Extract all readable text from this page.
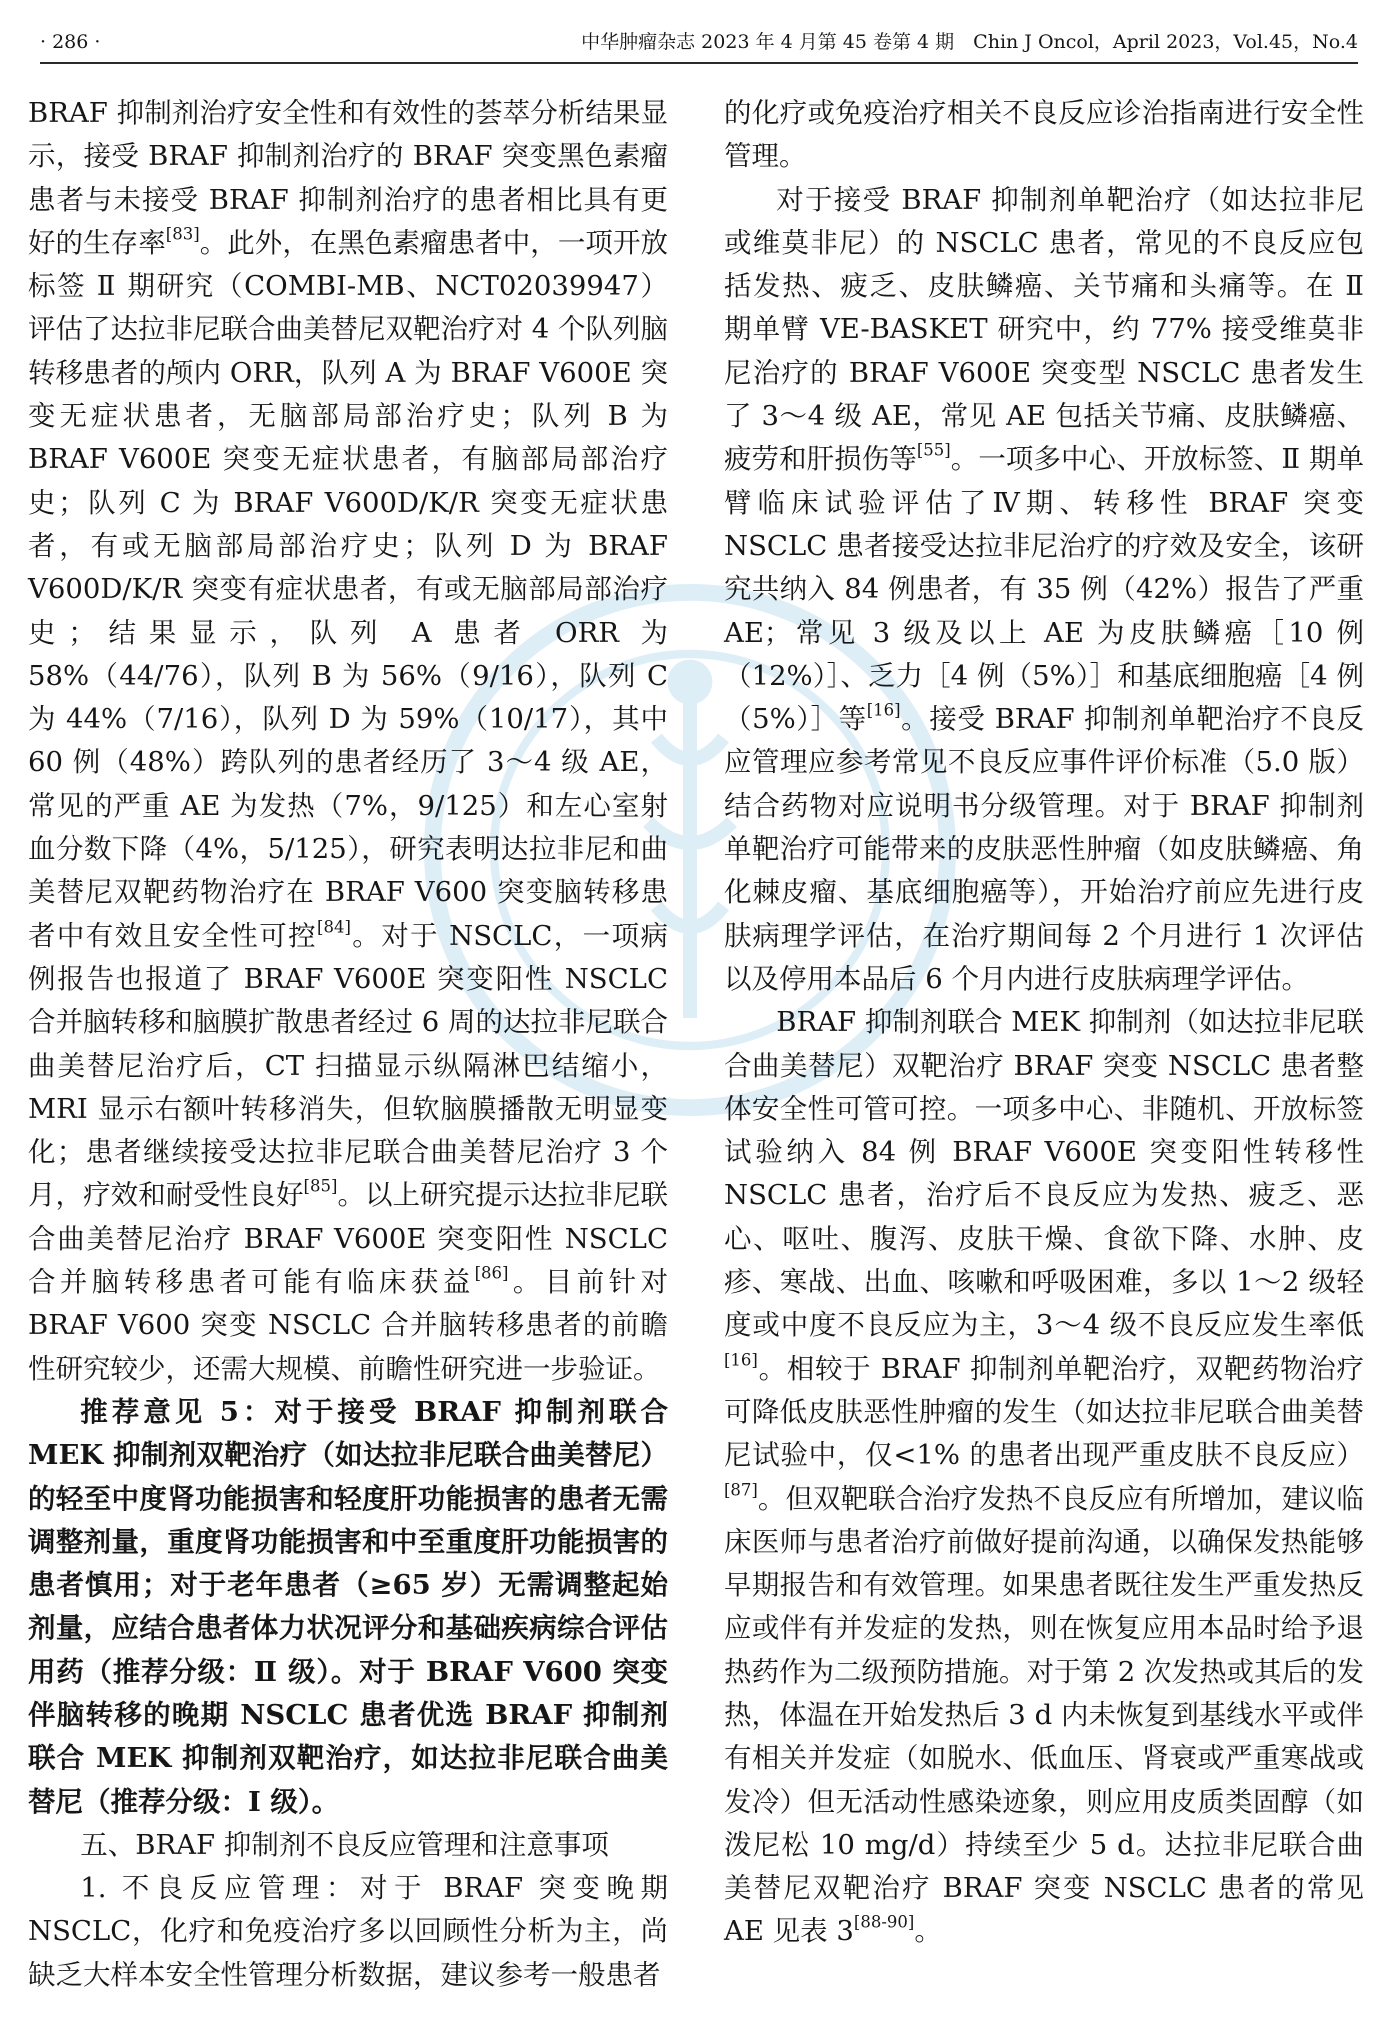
· 286 ·	中华肿瘤杂志 2023 年 4 月第 45 卷第 4 期　Chin J Oncol，April 2023，Vol.45，No.4

BRAF 抑制剂治疗安全性和有效性的荟萃分析结果显示，接受 BRAF 抑制剂治疗的 BRAF 突变黑色素瘤患者与未接受 BRAF 抑制剂治疗的患者相比具有更好的生存率[83]。此外，在黑色素瘤患者中，一项开放标签 Ⅱ 期研究（COMBI-MB、NCT02039947）评估了达拉非尼联合曲美替尼双靶治疗对 4 个队列脑转移患者的颅内 ORR，队列 A 为 BRAF V600E 突变无症状患者，无脑部局部治疗史；队列 B 为 BRAF V600E 突变无症状患者，有脑部局部治疗史；队列 C 为 BRAF V600D/K/R 突变无症状患者，有或无脑部局部治疗史；队列 D 为 BRAF V600D/K/R 突变有症状患者，有或无脑部局部治疗史；结果显示，队列 A 患者 ORR 为 58%（44/76），队列 B 为 56%（9/16），队列 C 为 44%（7/16），队列 D 为 59%（10/17），其中 60 例（48%）跨队列的患者经历了 3～4 级 AE，常见的严重 AE 为发热（7%，9/125）和左心室射血分数下降（4%，5/125），研究表明达拉非尼和曲美替尼双靶药物治疗在 BRAF V600 突变脑转移患者中有效且安全性可控[84]。对于 NSCLC，一项病例报告也报道了 BRAF V600E 突变阳性 NSCLC 合并脑转移和脑膜扩散患者经过 6 周的达拉非尼联合曲美替尼治疗后，CT 扫描显示纵隔淋巴结缩小，MRI 显示右额叶转移消失，但软脑膜播散无明显变化；患者继续接受达拉非尼联合曲美替尼治疗 3 个月，疗效和耐受性良好[85]。以上研究提示达拉非尼联合曲美替尼治疗 BRAF V600E 突变阳性 NSCLC 合并脑转移患者可能有临床获益[86]。目前针对 BRAF V600 突变 NSCLC 合并脑转移患者的前瞻性研究较少，还需大规模、前瞻性研究进一步验证。

推荐意见 5：对于接受 BRAF 抑制剂联合 MEK 抑制剂双靶治疗（如达拉非尼联合曲美替尼）的轻至中度肾功能损害和轻度肝功能损害的患者无需调整剂量，重度肾功能损害和中至重度肝功能损害的患者慎用；对于老年患者（≥65 岁）无需调整起始剂量，应结合患者体力状况评分和基础疾病综合评估用药（推荐分级：Ⅱ 级）。对于 BRAF V600 突变伴脑转移的晚期 NSCLC 患者优选 BRAF 抑制剂联合 MEK 抑制剂双靶治疗，如达拉非尼联合曲美替尼（推荐分级：Ⅰ 级）。

五、BRAF 抑制剂不良反应管理和注意事项

1. 不良反应管理：对于 BRAF 突变晚期 NSCLC，化疗和免疫治疗多以回顾性分析为主，尚缺乏大样本安全性管理分析数据，建议参考一般患者

的化疗或免疫治疗相关不良反应诊治指南进行安全性管理。

对于接受 BRAF 抑制剂单靶治疗（如达拉非尼或维莫非尼）的 NSCLC 患者，常见的不良反应包括发热、疲乏、皮肤鳞癌、关节痛和头痛等。在 Ⅱ 期单臂 VE-BASKET 研究中，约 77% 接受维莫非尼治疗的 BRAF V600E 突变型 NSCLC 患者发生了 3～4 级 AE，常见 AE 包括关节痛、皮肤鳞癌、疲劳和肝损伤等[55]。一项多中心、开放标签、Ⅱ 期单臂临床试验评估了Ⅳ期、转移性 BRAF 突变 NSCLC 患者接受达拉非尼治疗的疗效及安全，该研究共纳入 84 例患者，有 35 例（42%）报告了严重 AE；常见 3 级及以上 AE 为皮肤鳞癌［10 例（12%）］、乏力［4 例（5%）］和基底细胞癌［4 例（5%）］等[16]。接受 BRAF 抑制剂单靶治疗不良反应管理应参考常见不良反应事件评价标准（5.0 版）结合药物对应说明书分级管理。对于 BRAF 抑制剂单靶治疗可能带来的皮肤恶性肿瘤（如皮肤鳞癌、角化棘皮瘤、基底细胞癌等），开始治疗前应先进行皮肤病理学评估，在治疗期间每 2 个月进行 1 次评估以及停用本品后 6 个月内进行皮肤病理学评估。

BRAF 抑制剂联合 MEK 抑制剂（如达拉非尼联合曲美替尼）双靶治疗 BRAF 突变 NSCLC 患者整体安全性可管可控。一项多中心、非随机、开放标签试验纳入 84 例 BRAF V600E 突变阳性转移性 NSCLC 患者，治疗后不良反应为发热、疲乏、恶心、呕吐、腹泻、皮肤干燥、食欲下降、水肿、皮疹、寒战、出血、咳嗽和呼吸困难，多以 1～2 级轻度或中度不良反应为主，3～4 级不良反应发生率低[16]。相较于 BRAF 抑制剂单靶治疗，双靶药物治疗可降低皮肤恶性肿瘤的发生（如达拉非尼联合曲美替尼试验中，仅<1% 的患者出现严重皮肤不良反应）[87]。但双靶联合治疗发热不良反应有所增加，建议临床医师与患者治疗前做好提前沟通，以确保发热能够早期报告和有效管理。如果患者既往发生严重发热反应或伴有并发症的发热，则在恢复应用本品时给予退热药作为二级预防措施。对于第 2 次发热或其后的发热，体温在开始发热后 3 d 内未恢复到基线水平或伴有相关并发症（如脱水、低血压、肾衰或严重寒战或发冷）但无活动性感染迹象，则应用皮质类固醇（如泼尼松 10 mg/d）持续至少 5 d。达拉非尼联合曲美替尼双靶治疗 BRAF 突变 NSCLC 患者的常见 AE 见表 3[88-90]。
